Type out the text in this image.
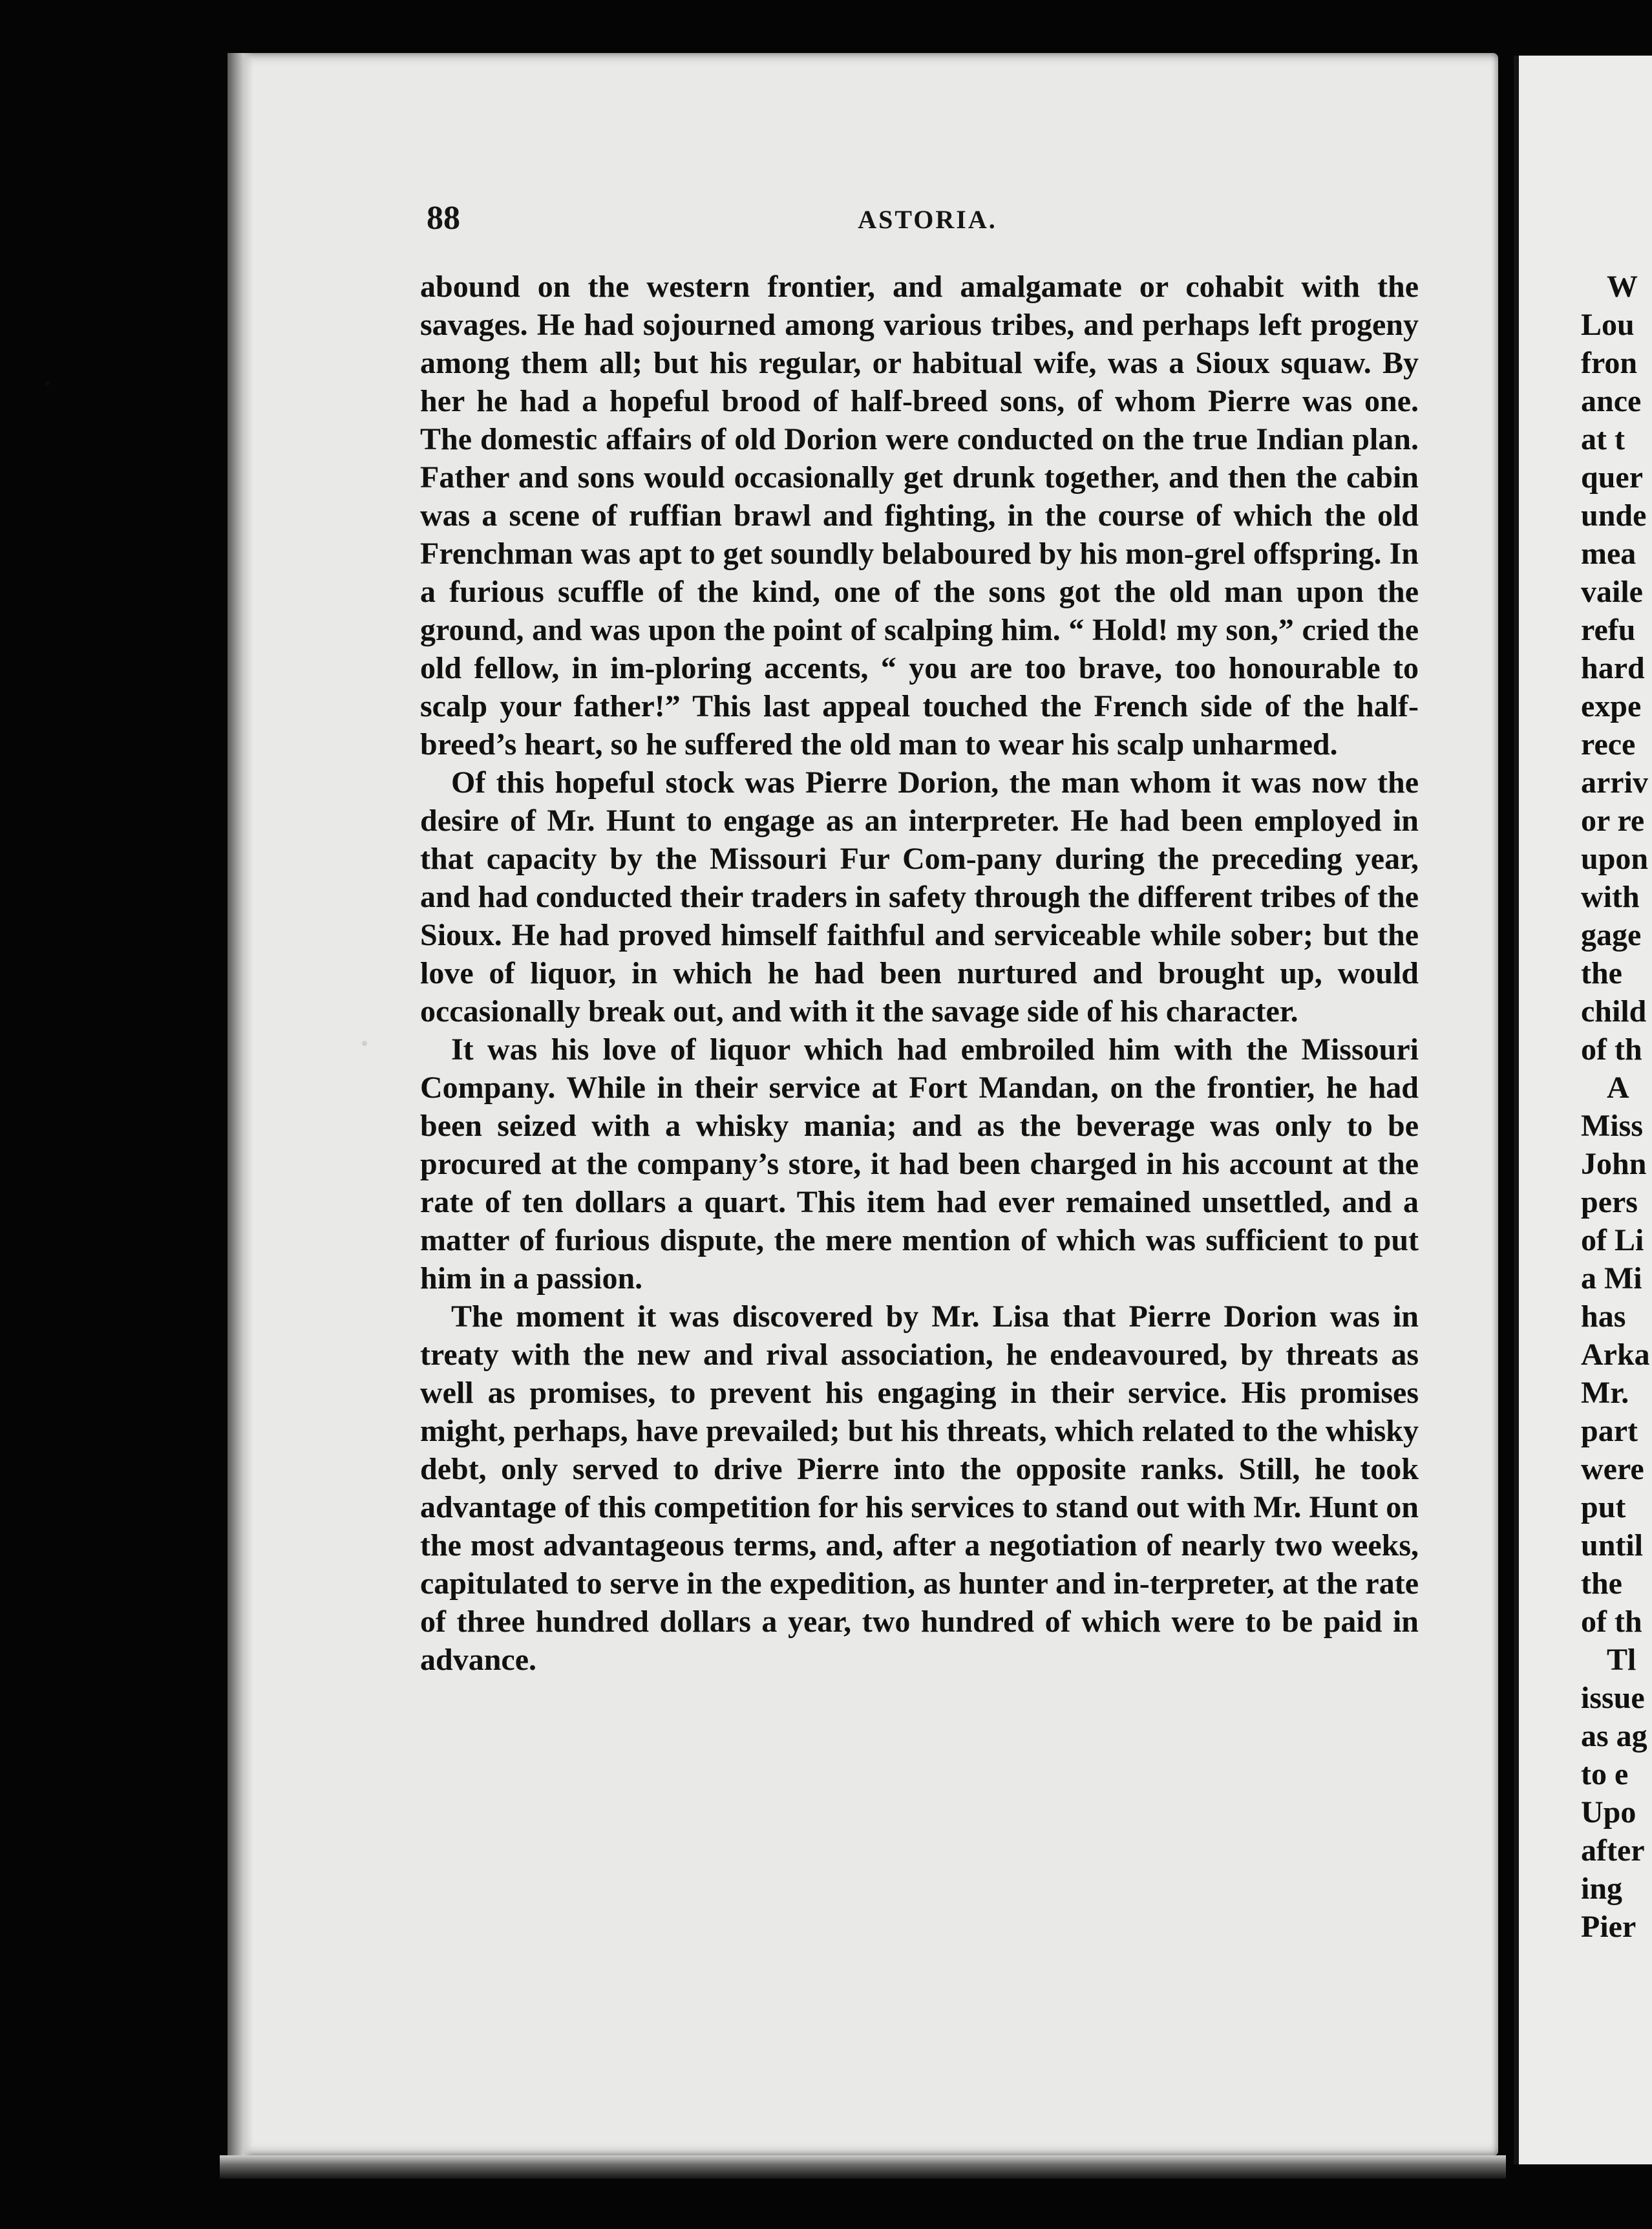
88	ASTORIA.

abound on the western frontier, and amalgamate or cohabit with the savages. He had sojourned among various tribes, and perhaps left progeny among them all; but his regular, or habitual wife, was a Sioux squaw. By her he had a hopeful brood of half-breed sons, of whom Pierre was one. The domestic affairs of old Dorion were conducted on the true Indian plan. Father and sons would occasionally get drunk together, and then the cabin was a scene of ruffian brawl and fighting, in the course of which the old Frenchman was apt to get soundly belaboured by his mon-grel offspring. In a furious scuffle of the kind, one of the sons got the old man upon the ground, and was upon the point of scalping him. “ Hold! my son,” cried the old fellow, in im-ploring accents, “ you are too brave, too honourable to scalp your father!” This last appeal touched the French side of the half-breed’s heart, so he suffered the old man to wear his scalp unharmed.

Of this hopeful stock was Pierre Dorion, the man whom it was now the desire of Mr. Hunt to engage as an interpreter. He had been employed in that capacity by the Missouri Fur Com-pany during the preceding year, and had conducted their traders in safety through the different tribes of the Sioux. He had proved himself faithful and serviceable while sober; but the love of liquor, in which he had been nurtured and brought up, would occasionally break out, and with it the savage side of his character.

It was his love of liquor which had embroiled him with the Missouri Company. While in their service at Fort Mandan, on the frontier, he had been seized with a whisky mania; and as the beverage was only to be procured at the company’s store, it had been charged in his account at the rate of ten dollars a quart. This item had ever remained unsettled, and a matter of furious dispute, the mere mention of which was sufficient to put him in a passion.

The moment it was discovered by Mr. Lisa that Pierre Dorion was in treaty with the new and rival association, he endeavoured, by threats as well as promises, to prevent his engaging in their service. His promises might, perhaps, have prevailed; but his threats, which related to the whisky debt, only served to drive Pierre into the opposite ranks. Still, he took advantage of this competition for his services to stand out with Mr. Hunt on the most advantageous terms, and, after a negotiation of nearly two weeks, capitulated to serve in the expedition, as hunter and in-terpreter, at the rate of three hundred dollars a year, two hundred of which were to be paid in advance.

W
Lou
fron
ance
at t
quer
unde
mea
vaile
refu
hard
expe
rece
arriv
or re
upon
with
gage
the
child
of th
A
Miss
John
pers
of Li
a Mi
has
Arka
Mr.
part
were
put
until
the
of th
Tl
issue
as ag
to e
Upo
after
ing
Pier
